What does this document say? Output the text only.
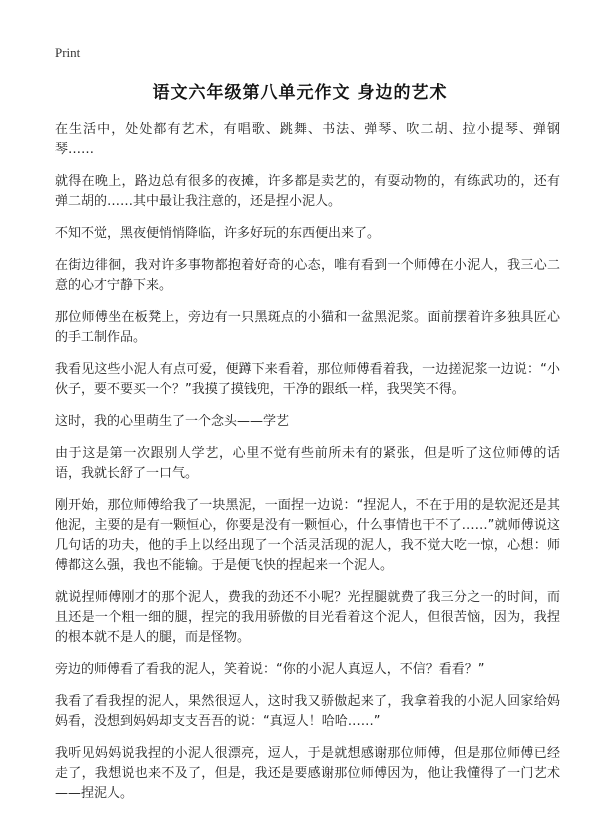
Print
语文六年级第八单元作文 身边的艺术

在生活中，处处都有艺术，有唱歌、跳舞、书法、弹琴、吹二胡、拉小提琴、弹钢琴……

就得在晚上，路边总有很多的夜摊，许多都是卖艺的，有耍动物的，有练武功的，还有弹二胡的……其中最让我注意的，还是捏小泥人。

不知不觉，黑夜便悄悄降临，许多好玩的东西便出来了。

在街边徘徊，我对许多事物都抱着好奇的心态，唯有看到一个师傅在小泥人，我三心二意的心才宁静下来。

那位师傅坐在板凳上，旁边有一只黑斑点的小猫和一盆黑泥浆。面前摆着许多独具匠心的手工制作品。

我看见这些小泥人有点可爱，便蹲下来看着，那位师傅看着我，一边搓泥浆一边说：“小伙子，要不要买一个？”我摸了摸钱兜，干净的跟纸一样，我哭笑不得。

这时，我的心里萌生了一个念头——学艺

由于这是第一次跟别人学艺，心里不觉有些前所未有的紧张，但是听了这位师傅的话语，我就长舒了一口气。

刚开始，那位师傅给我了一块黑泥，一面捏一边说：“捏泥人，不在于用的是软泥还是其他泥，主要的是有一颗恒心，你要是没有一颗恒心，什么事情也干不了……”就师傅说这几句话的功夫，他的手上以经出现了一个活灵活现的泥人，我不觉大吃一惊，心想：师傅都这么强，我也不能输。于是便飞快的捏起来一个泥人。

就说捏师傅刚才的那个泥人，费我的劲还不小呢？光捏腿就费了我三分之一的时间，而且还是一个粗一细的腿，捏完的我用骄傲的目光看着这个泥人，但很苦恼，因为，我捏的根本就不是人的腿，而是怪物。

旁边的师傅看了看我的泥人，笑着说：“你的小泥人真逗人，不信？看看？”

我看了看我捏的泥人，果然很逗人，这时我又骄傲起来了，我拿着我的小泥人回家给妈妈看，没想到妈妈却支支吾吾的说：“真逗人！哈哈……”

我听见妈妈说我捏的小泥人很漂亮，逗人，于是就想感谢那位师傅，但是那位师傅已经走了，我想说也来不及了，但是，我还是要感谢那位师傅因为，他让我懂得了一门艺术——捏泥人。
